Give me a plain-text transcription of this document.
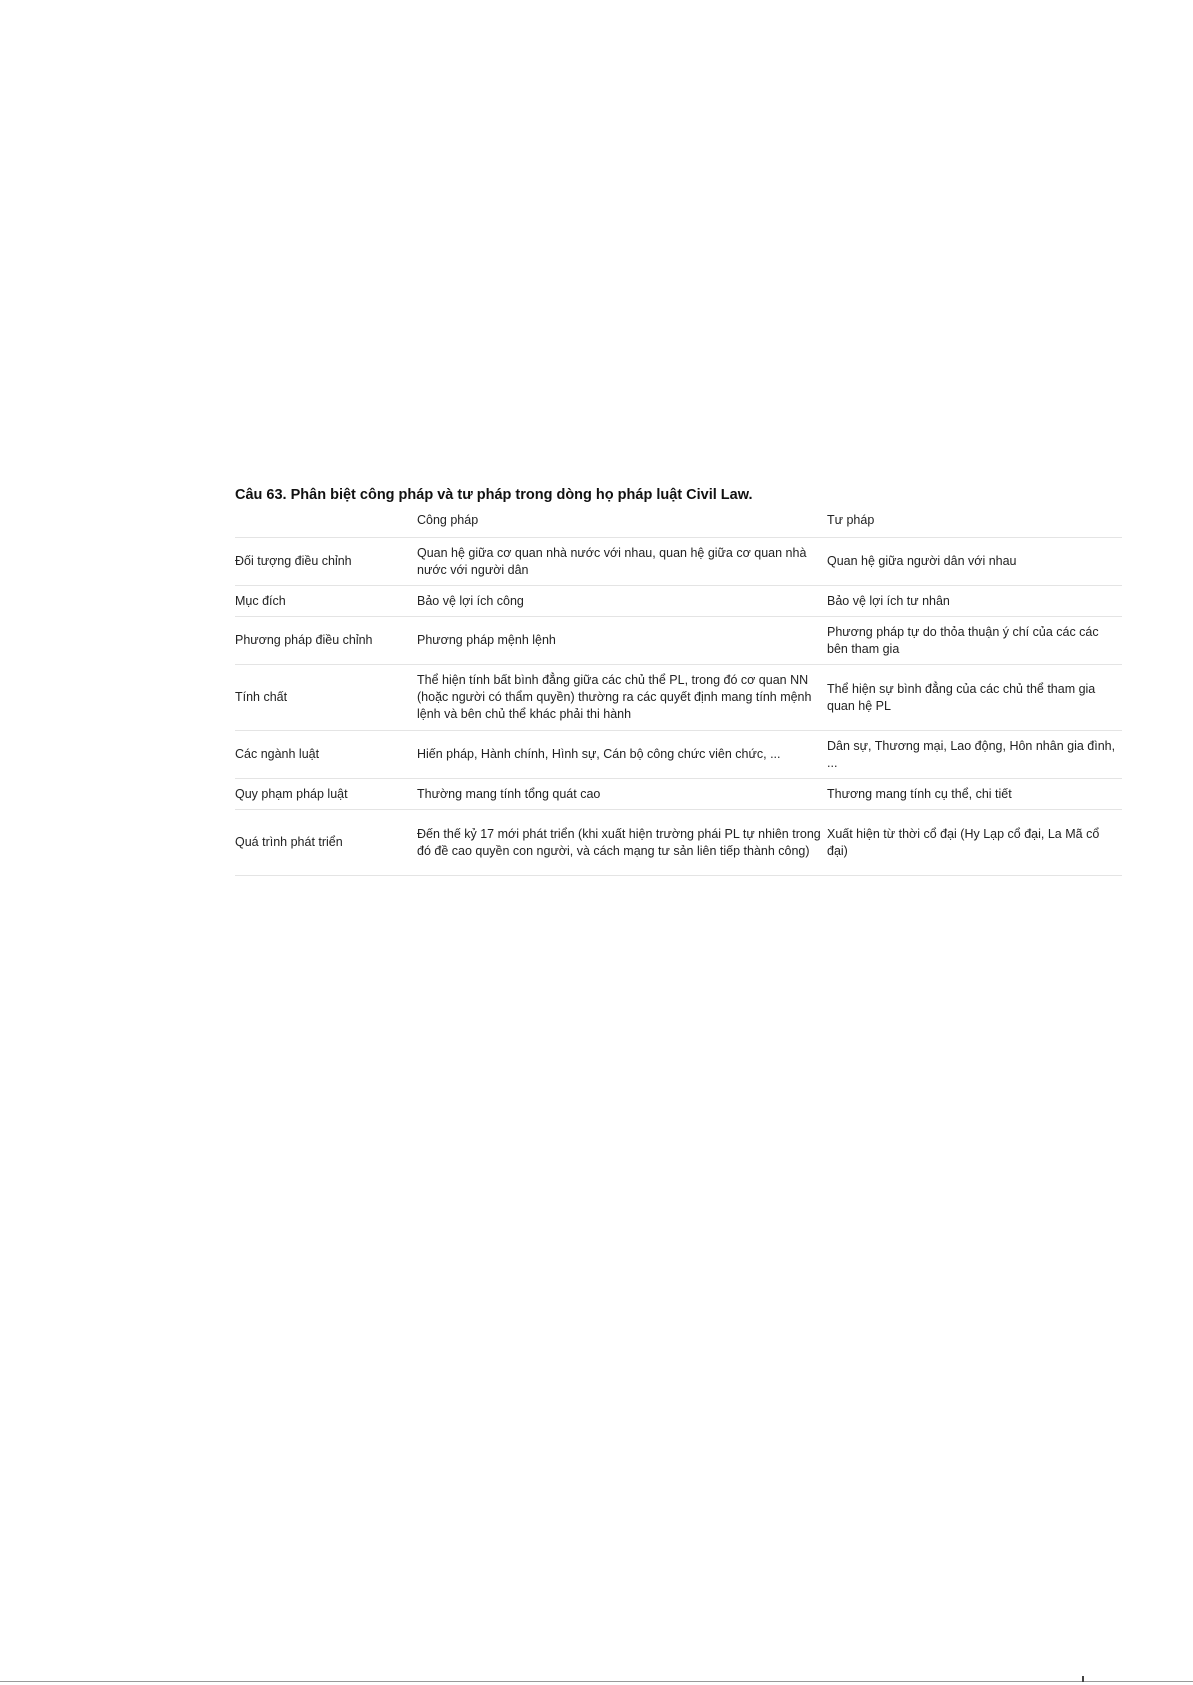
Câu 63. Phân biệt công pháp và tư pháp trong dòng họ pháp luật Civil Law.
	Công pháp	Tư pháp
Đối tượng điều chỉnh	Quan hệ giữa cơ quan nhà nước với nhau, quan hệ giữa cơ quan nhà nước với người dân	Quan hệ giữa người dân với nhau
Mục đích	Bảo vệ lợi ích công	Bảo vệ lợi ích tư nhân
Phương pháp điều chỉnh	Phương pháp mệnh lệnh	Phương pháp tự do thỏa thuận ý chí của các các bên tham gia
Tính chất	Thể hiện tính bất bình đẳng giữa các chủ thể PL, trong đó cơ quan NN (hoặc người có thẩm quyền) thường ra các quyết định mang tính mệnh lệnh và bên chủ thể khác phải thi hành	Thể hiện sự bình đẳng của các chủ thể tham gia quan hệ PL
Các ngành luật	Hiến pháp, Hành chính, Hình sự, Cán bộ công chức viên chức, ...	Dân sự, Thương mại, Lao động, Hôn nhân gia đình, ...
Quy phạm pháp luật	Thường mang tính tổng quát cao	Thương mang tính cụ thể, chi tiết
Quá trình phát triển	Đến thế kỷ 17 mới phát triển (khi xuất hiện trường phái PL tự nhiên trong đó đề cao quyền con người, và cách mạng tư sản liên tiếp thành công)	Xuất hiện từ thời cổ đại (Hy Lạp cổ đại, La Mã cổ đại)
